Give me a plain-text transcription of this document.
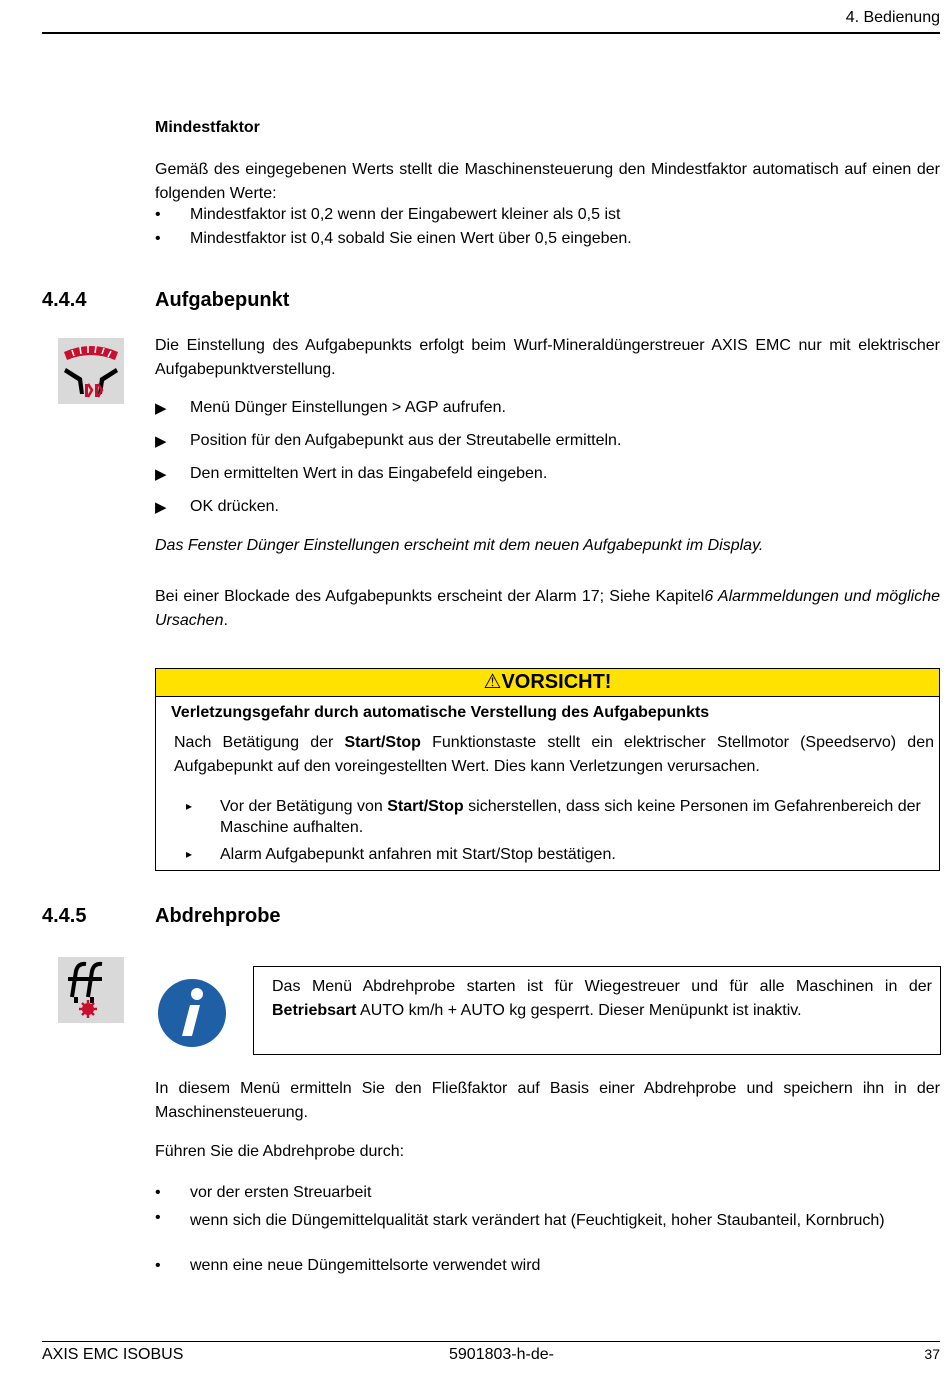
4. Bedienung
Mindestfaktor
Gemäß des eingegebenen Werts stellt die Maschinensteuerung den Mindestfaktor automatisch auf einen der folgenden Werte:
• Mindestfaktor ist 0,2 wenn der Eingabewert kleiner als 0,5 ist
• Mindestfaktor ist 0,4 sobald Sie einen Wert über 0,5 eingeben.
4.4.4	Aufgabepunkt
Die Einstellung des Aufgabepunkts erfolgt beim Wurf-Mineraldüngerstreuer AXIS EMC nur mit elektrischer Aufgabepunktverstellung.
▶ Menü Dünger Einstellungen > AGP aufrufen.
▶ Position für den Aufgabepunkt aus der Streutabelle ermitteln.
▶ Den ermittelten Wert in das Eingabefeld eingeben.
▶ OK drücken.
Das Fenster Dünger Einstellungen erscheint mit dem neuen Aufgabepunkt im Display.
Bei einer Blockade des Aufgabepunkts erscheint der Alarm 17; Siehe Kapitel6 Alarmmeldungen und mögliche Ursachen.
⚠VORSICHT!
Verletzungsgefahr durch automatische Verstellung des Aufgabepunkts
Nach Betätigung der Start/Stop Funktionstaste stellt ein elektrischer Stellmotor (Speedservo) den Aufgabepunkt auf den voreingestellten Wert. Dies kann Verletzungen verursachen.
▸ Vor der Betätigung von Start/Stop sicherstellen, dass sich keine Personen im Gefahrenbereich der Maschine aufhalten.
▸ Alarm Aufgabepunkt anfahren mit Start/Stop bestätigen.
4.4.5	Abdrehprobe
Das Menü Abdrehprobe starten ist für Wiegestreuer und für alle Maschinen in der Betriebsart AUTO km/h + AUTO kg gesperrt. Dieser Menüpunkt ist inaktiv.
In diesem Menü ermitteln Sie den Fließfaktor auf Basis einer Abdrehprobe und speichern ihn in der Maschinensteuerung.
Führen Sie die Abdrehprobe durch:
• vor der ersten Streuarbeit
• wenn sich die Düngemittelqualität stark verändert hat (Feuchtigkeit, hoher Staubanteil, Kornbruch)
• wenn eine neue Düngemittelsorte verwendet wird
AXIS EMC ISOBUS	5901803-h-de-	37
